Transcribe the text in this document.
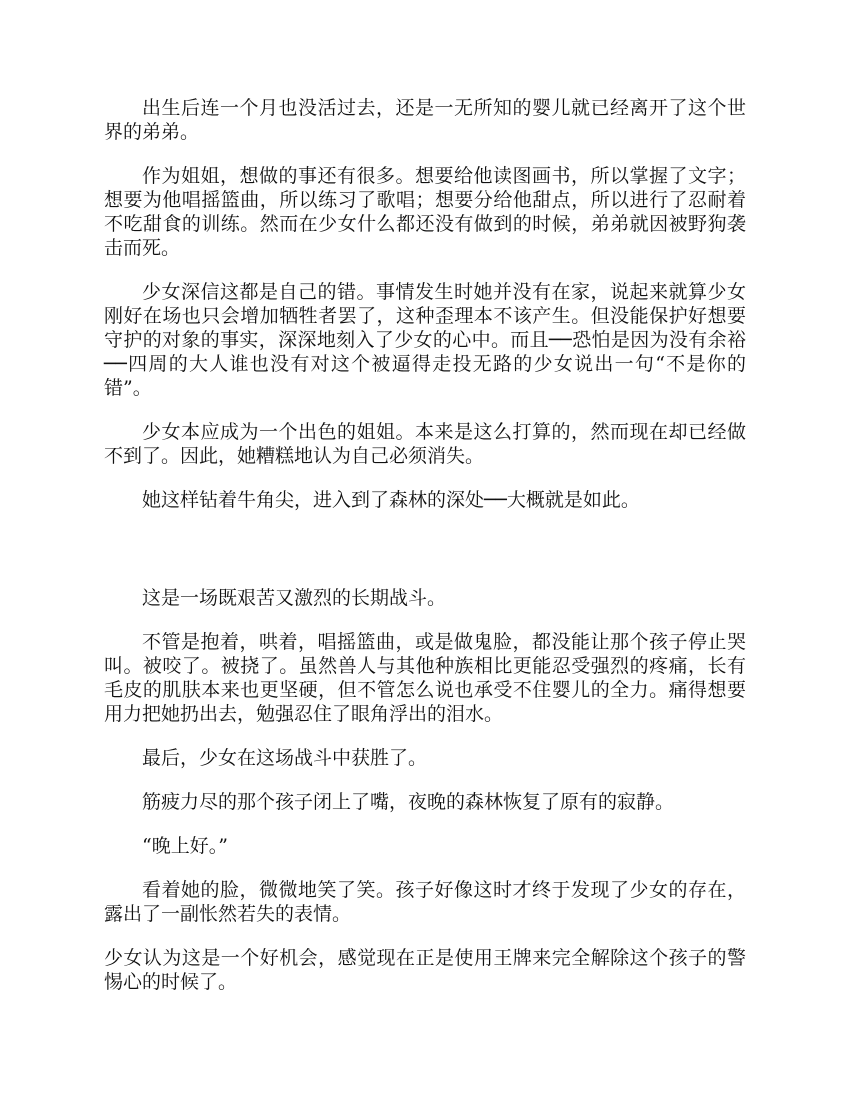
出生后连一个月也没活过去，还是一无所知的婴儿就已经离开了这个世界的弟弟。

作为姐姐，想做的事还有很多。想要给他读图画书，所以掌握了文字；想要为他唱摇篮曲，所以练习了歌唱；想要分给他甜点，所以进行了忍耐着不吃甜食的训练。然而在少女什么都还没有做到的时候，弟弟就因被野狗袭击而死。

少女深信这都是自己的错。事情发生时她并没有在家，说起来就算少女刚好在场也只会增加牺牲者罢了，这种歪理本不该产生。但没能保护好想要守护的对象的事实，深深地刻入了少女的心中。而且──恐怕是因为没有余裕──四周的大人谁也没有对这个被逼得走投无路的少女说出一句“不是你的错”。

少女本应成为一个出色的姐姐。本来是这么打算的，然而现在却已经做不到了。因此，她糟糕地认为自己必须消失。

她这样钻着牛角尖，进入到了森林的深处──大概就是如此。

这是一场既艰苦又激烈的长期战斗。

不管是抱着，哄着，唱摇篮曲，或是做鬼脸，都没能让那个孩子停止哭叫。被咬了。被挠了。虽然兽人与其他种族相比更能忍受强烈的疼痛，长有毛皮的肌肤本来也更坚硬，但不管怎么说也承受不住婴儿的全力。痛得想要用力把她扔出去，勉强忍住了眼角浮出的泪水。

最后，少女在这场战斗中获胜了。

筋疲力尽的那个孩子闭上了嘴，夜晚的森林恢复了原有的寂静。

“晚上好。”

看着她的脸，微微地笑了笑。孩子好像这时才终于发现了少女的存在，露出了一副怅然若失的表情。

少女认为这是一个好机会，感觉现在正是使用王牌来完全解除这个孩子的警惕心的时候了。
